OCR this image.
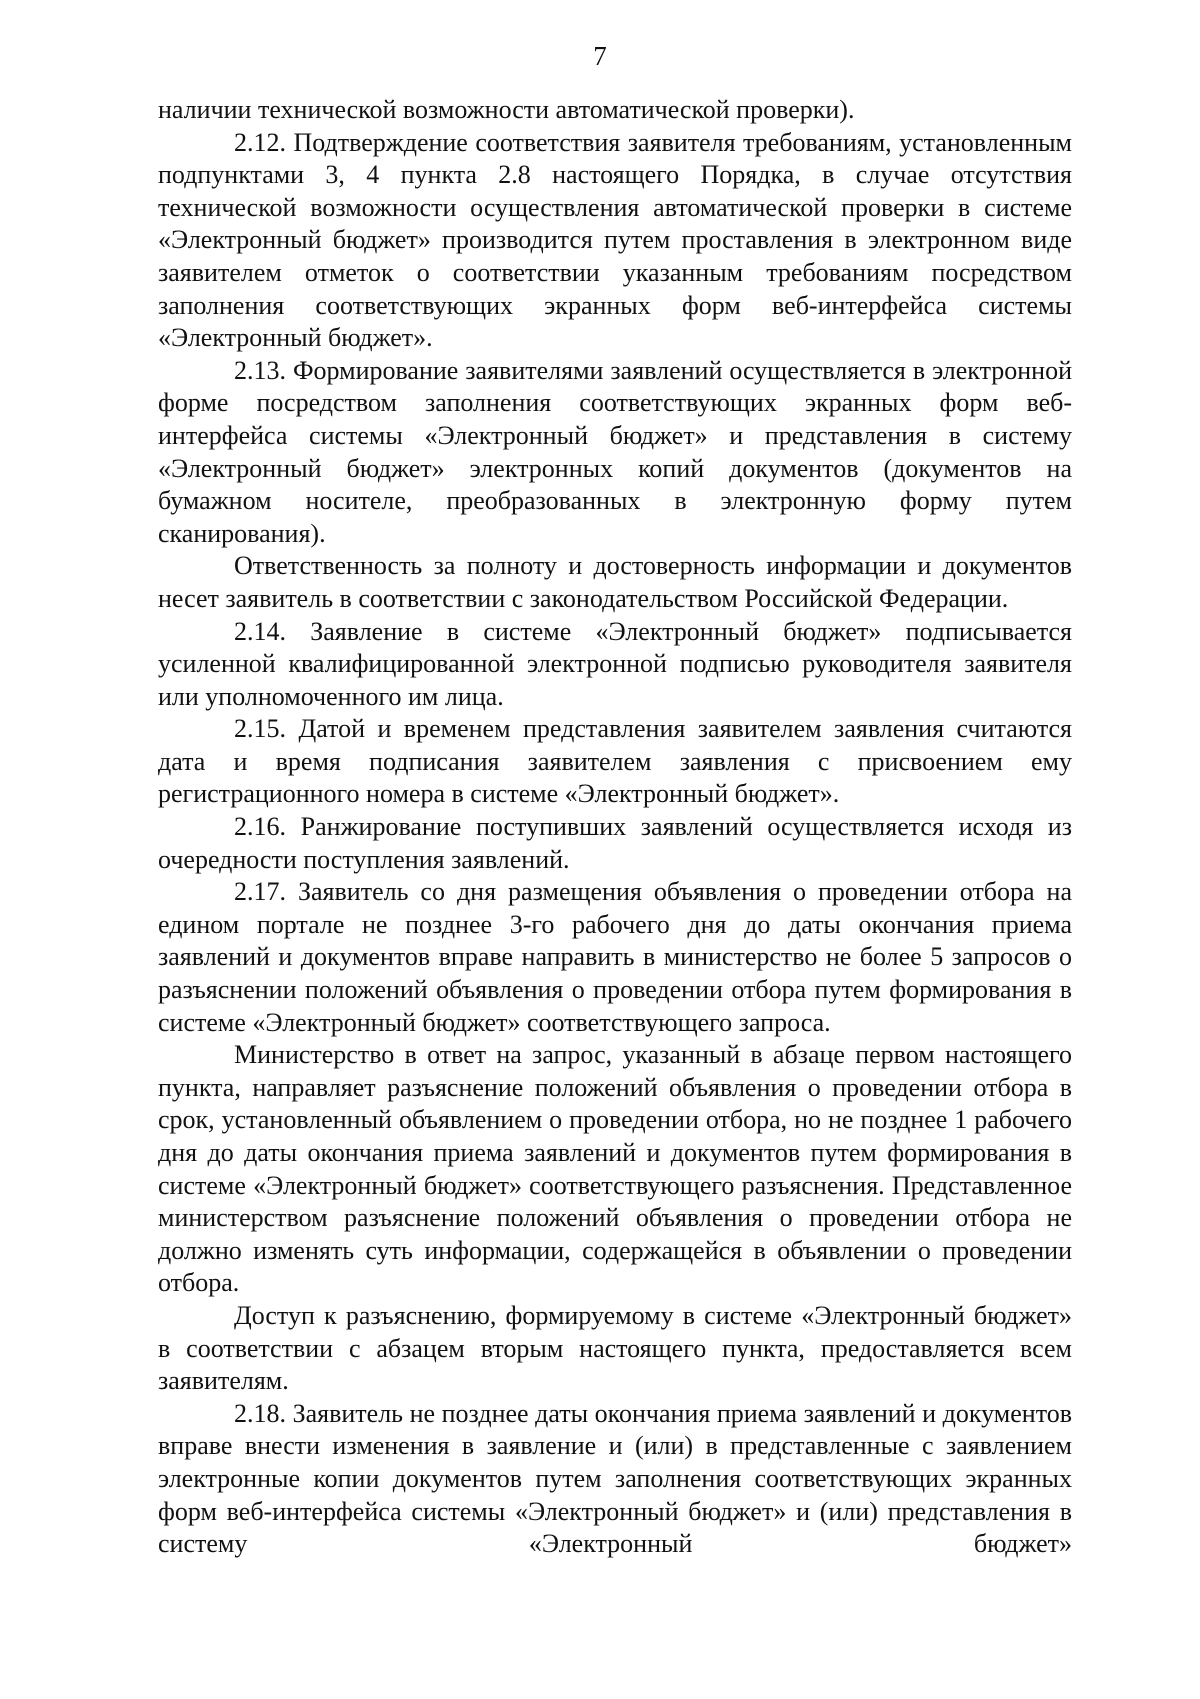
7

наличии технической возможности автоматической проверки).

2.12. Подтверждение соответствия заявителя требованиям, установленным подпунктами 3, 4 пункта 2.8 настоящего Порядка, в случае отсутствия технической возможности осуществления автоматической проверки в системе «Электронный бюджет» производится путем проставления в электронном виде заявителем отметок о соответствии указанным требованиям посредством заполнения соответствующих экранных форм веб-интерфейса системы «Электронный бюджет».

2.13. Формирование заявителями заявлений осуществляется в электронной форме посредством заполнения соответствующих экранных форм веб-интерфейса системы «Электронный бюджет» и представления в систему «Электронный бюджет» электронных копий документов (документов на бумажном носителе, преобразованных в электронную форму путем сканирования).

Ответственность за полноту и достоверность информации и документов несет заявитель в соответствии с законодательством Российской Федерации.

2.14. Заявление в системе «Электронный бюджет» подписывается усиленной квалифицированной электронной подписью руководителя заявителя или уполномоченного им лица.

2.15. Датой и временем представления заявителем заявления считаются дата и время подписания заявителем заявления с присвоением ему регистрационного номера в системе «Электронный бюджет».

2.16. Ранжирование поступивших заявлений осуществляется исходя из очередности поступления заявлений.

2.17. Заявитель со дня размещения объявления о проведении отбора на едином портале не позднее 3-го рабочего дня до даты окончания приема заявлений и документов вправе направить в министерство не более 5 запросов о разъяснении положений объявления о проведении отбора путем формирования в системе «Электронный бюджет» соответствующего запроса.

Министерство в ответ на запрос, указанный в абзаце первом настоящего пункта, направляет разъяснение положений объявления о проведении отбора в срок, установленный объявлением о проведении отбора, но не позднее 1 рабочего дня до даты окончания приема заявлений и документов путем формирования в системе «Электронный бюджет» соответствующего разъяснения. Представленное министерством разъяснение положений объявления о проведении отбора не должно изменять суть информации, содержащейся в объявлении о проведении отбора.

Доступ к разъяснению, формируемому в системе «Электронный бюджет» в соответствии с абзацем вторым настоящего пункта, предоставляется всем заявителям.

2.18. Заявитель не позднее даты окончания приема заявлений и документов вправе внести изменения в заявление и (или) в представленные с заявлением электронные копии документов путем заполнения соответствующих экранных форм веб-интерфейса системы «Электронный бюджет» и (или) представления в систему «Электронный бюджет»
